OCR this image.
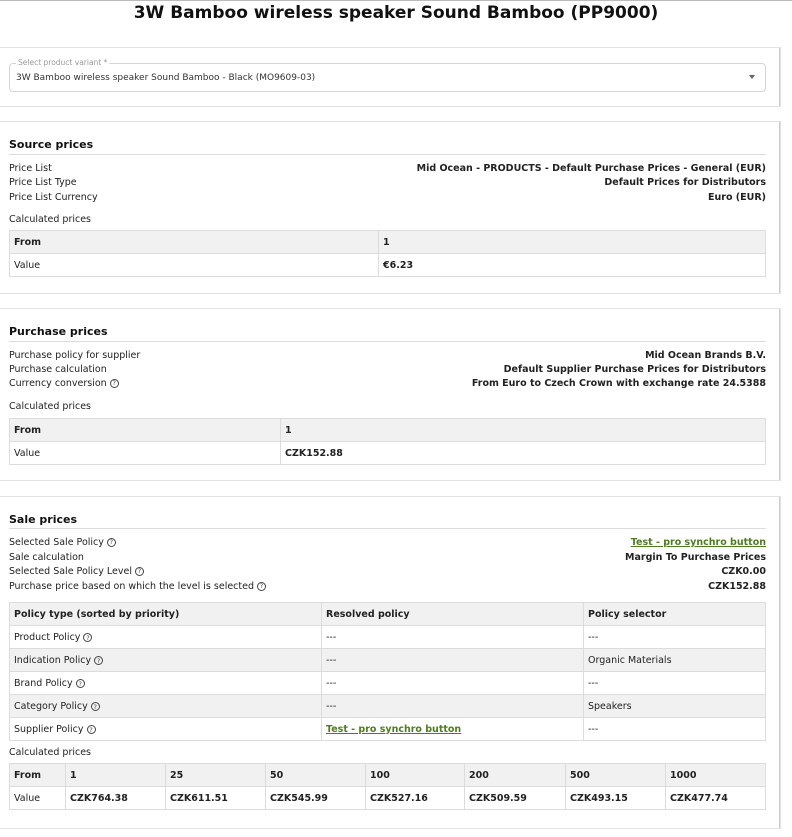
3W Bamboo wireless speaker Sound Bamboo (PP9000)
Select product variant *
3W Bamboo wireless speaker Sound Bamboo - Black (MO9609-03)
Source prices
Price List	Mid Ocean - PRODUCTS - Default Purchase Prices - General (EUR)
Price List Type	Default Prices for Distributors
Price List Currency	Euro (EUR)
Calculated prices
From	1
Value	€6.23
Purchase prices
Purchase policy for supplier	Mid Ocean Brands B.V.
Purchase calculation	Default Supplier Purchase Prices for Distributors
Currency conversion ?	From Euro to Czech Crown with exchange rate 24.5388
Calculated prices
From	1
Value	CZK152.88
Sale prices
Selected Sale Policy ?	Test - pro synchro button
Sale calculation	Margin To Purchase Prices
Selected Sale Policy Level ?	CZK0.00
Purchase price based on which the level is selected ?	CZK152.88
Policy type (sorted by priority)	Resolved policy	Policy selector
Product Policy ?	---	---
Indication Policy ?	---	Organic Materials
Brand Policy ?	---	---
Category Policy ?	---	Speakers
Supplier Policy ?	Test - pro synchro button	---
Calculated prices
From	1	25	50	100	200	500	1000
Value	CZK764.38	CZK611.51	CZK545.99	CZK527.16	CZK509.59	CZK493.15	CZK477.74
